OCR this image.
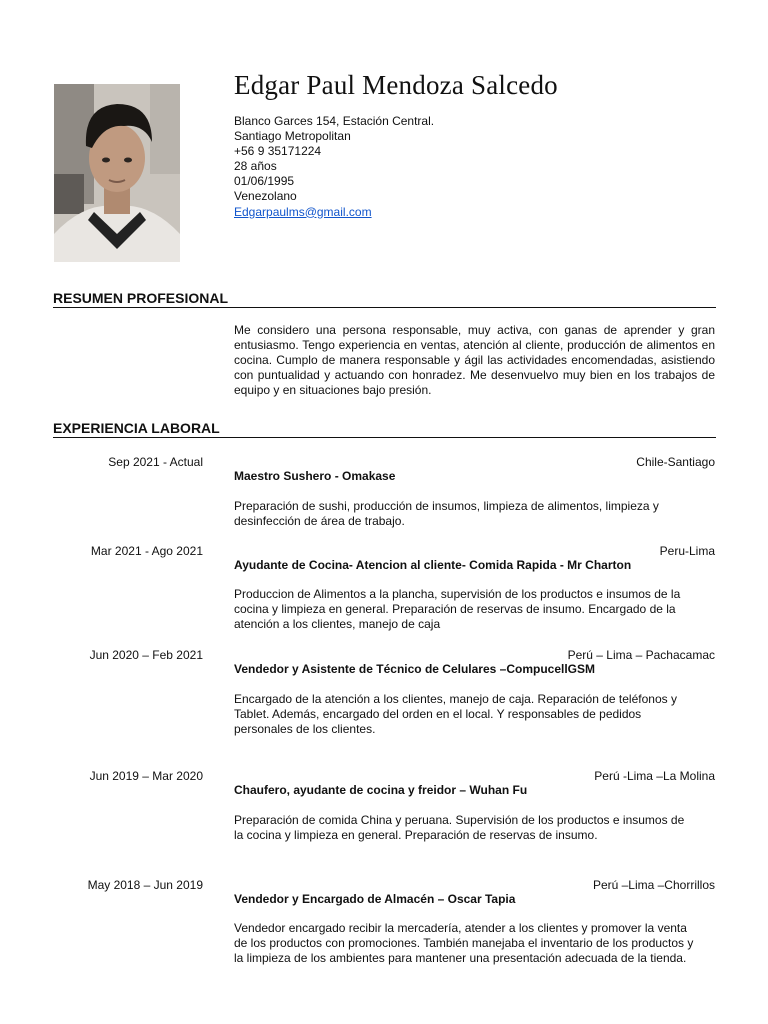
Edgar Paul Mendoza Salcedo
Blanco Garces 154, Estación Central.
Santiago Metropolitan
+56 9 35171224
28 años
01/06/1995
Venezolano
Edgarpaulms@gmail.com
RESUMEN PROFESIONAL
Me considero una persona responsable, muy activa, con ganas de aprender y gran entusiasmo. Tengo experiencia en ventas, atención al cliente, producción de alimentos en cocina. Cumplo de manera responsable y ágil las actividades encomendadas, asistiendo con puntualidad y actuando con honradez. Me desenvuelvo muy bien en los trabajos de equipo y en situaciones bajo presión.
EXPERIENCIA LABORAL
Sep 2021 - Actual	Chile-Santiago
Maestro Sushero - Omakase
Preparación de sushi, producción de insumos, limpieza de alimentos, limpieza y
desinfección de área de trabajo.
Mar 2021 - Ago 2021	Peru-Lima
Ayudante de Cocina- Atencion al cliente- Comida Rapida - Mr Charton
Produccion de Alimentos a la plancha, supervisión de los productos e insumos de la
cocina y limpieza en general. Preparación de reservas de insumo. Encargado de la
atención a los clientes, manejo de caja
Jun 2020 – Feb 2021	Perú – Lima – Pachacamac
Vendedor y Asistente de Técnico de Celulares –CompucellGSM
Encargado de la atención a los clientes, manejo de caja. Reparación de teléfonos y
Tablet. Además, encargado del orden en el local. Y responsables de pedidos
personales de los clientes.
Jun 2019 – Mar 2020	Perú -Lima –La Molina
Chaufero, ayudante de cocina y freidor – Wuhan Fu
Preparación de comida China y peruana. Supervisión de los productos e insumos de
la cocina y limpieza en general. Preparación de reservas de insumo.
May 2018 – Jun 2019	Perú –Lima –Chorrillos
Vendedor y Encargado de Almacén – Oscar Tapia
Vendedor encargado recibir la mercadería, atender a los clientes y promover la venta
de los productos con promociones. También manejaba el inventario de los productos y
la limpieza de los ambientes para mantener una presentación adecuada de la tienda.
